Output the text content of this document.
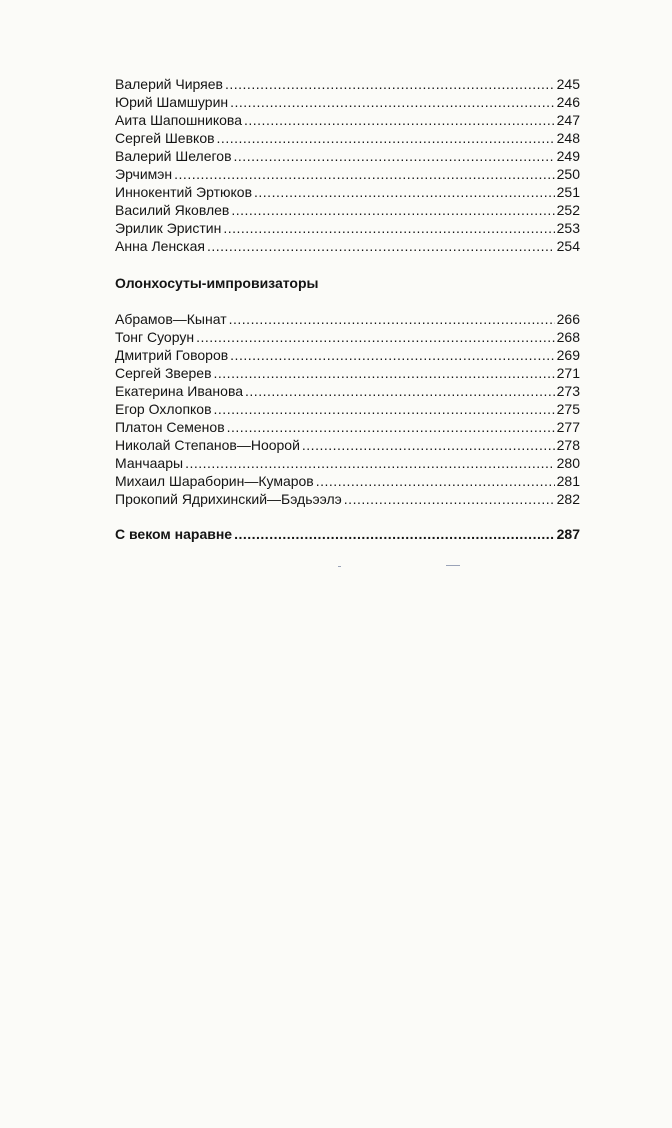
Валерий Чиряев .....	245
Юрий Шамшурин .....	246
Аита Шапошникова .....	247
Сергей Шевков .....	248
Валерий Шелегов .....	249
Эрчимэн .....	250
Иннокентий Эртюков .....	251
Василий Яковлев .....	252
Эрилик Эристин .....	253
Анна Ленская .....	254
Олонхосуты-импровизаторы
Абрамов—Кынат .....	266
Тонг Суорун .....	268
Дмитрий Говоров .....	269
Сергей Зверев .....	271
Екатерина Иванова .....	273
Егор Охлопков .....	275
Платон Семенов .....	277
Николай Степанов—Ноорой .....	278
Манчаары .....	280
Михаил Шараборин—Кумаров .....	281
Прокопий Ядрихинский—Бэдьээлэ .....	282
С веком наравне .....	287
